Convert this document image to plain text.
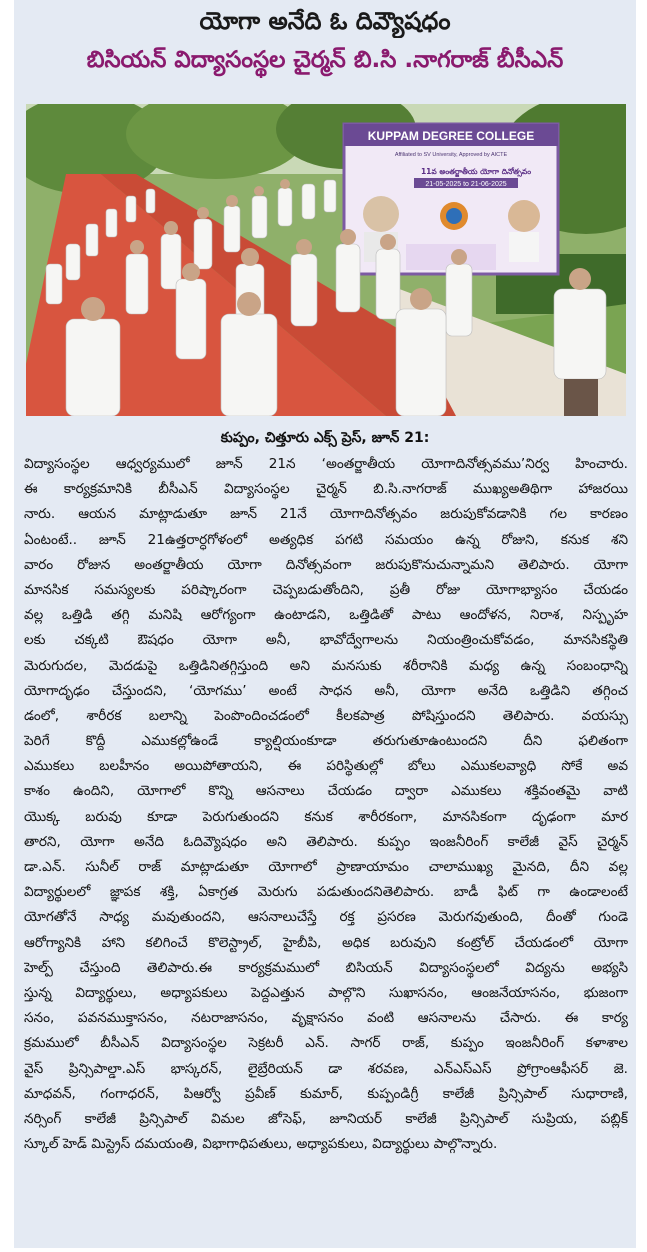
యోగా అనేది ఓ దివ్యౌషధం
బిసియన్ విద్యాసంస్థల చైర్మన్ బి.సి .నాగరాజ్ బీసీఎన్
KUPPAM DEGREE COLLEGE
Affiliated to SV University, Approved by AICTE
11వ అంతర్జాతీయ యోగా దినోత్సవం
21-05-2025 to 21-06-2025
కుప్పం, చిత్తూరు ఎక్స్ ప్రెస్, జూన్ 21:
విద్యాసంస్థల ఆధ్వర్యములో జూన్ 21న ‘అంతర్జాతీయ యోగాదినోత్సవము’నిర్వ హించారు.
ఈ కార్యక్రమానికి బీసీఎన్ విద్యాసంస్థల చైర్మన్ బి.సి.నాగరాజ్ ముఖ్యఅతిథిగా హాజరయి
నారు. ఆయన మాట్లాడుతూ జూన్ 21నే యోగాదినోత్సవం జరుపుకోవడానికి గల కారణం
ఏంటంటే.. జూన్ 21ఉత్తరార్ధగోళంలో అత్యధిక పగటి సమయం ఉన్న రోజుని, కనుక శని
వారం రోజున అంతర్జాతీయ యోగా దినోత్సవంగా జరుపుకొనుచున్నామని తెలిపారు. యోగా
మానసిక సమస్యలకు పరిష్కారంగా చెప్పబడుతోందిని, ప్రతీ రోజు యోగాభ్యాసం చేయడం
వల్ల ఒత్తిడి తగ్గి మనిషి ఆరోగ్యంగా ఉంటాడని, ఒత్తిడితో పాటు ఆందోళన, నిరాశ, నిస్పృహ
లకు చక్కటి ఔషధం యోగా అనీ, భావోద్వేగాలను నియంత్రించుకోవడం, మానసికస్థితి
మెరుగుదల, మెదడుపై ఒత్తిడినితగ్గిస్తుంది అని మనసుకు శరీరానికి మధ్య ఉన్న సంబంధాన్ని
యోగాదృఢం చేస్తుందని, ‘యోగము’ అంటే సాధన అనీ, యోగా అనేది ఒత్తిడిని తగ్గించ
డంలో, శారీరక బలాన్ని పెంపొందించడంలో కీలకపాత్ర పోషిస్తుందని తెలిపారు. వయస్సు
పెరిగే కొద్దీ ఎముకల్లోఉండే క్యాల్షియంకూడా తరుగుతూఉంటుందని దీని ఫలితంగా
ఎముకలు బలహీనం అయిపోతాయని, ఈ పరిస్థితుల్లో బోలు ఎముకలవ్యాధి సోకే అవ
కాశం ఉందిని, యోగాలో కొన్ని ఆసనాలు చేయడం ద్వారా ఎముకలు శక్తివంతమై వాటి
యొక్క బరువు కూడా పెరుగుతుందని కనుక శారీరకంగా, మానసికంగా దృఢంగా మార
తారని, యోగా అనేది ఓదివ్యౌషధం అని తెలిపారు. కుప్పం ఇంజనీరింగ్ కాలేజీ వైస్ చైర్మన్
డా.ఎన్. సునీల్ రాజ్ మాట్లాడుతూ యోగాలో ప్రాణాయామం చాలాముఖ్య మైనది, దీని వల్ల
విద్యార్థులలో జ్ఞాపక శక్తి, ఏకాగ్రత మెరుగు పడుతుందనితెలిపారు. బాడీ ఫిట్ గా ఉండాలంటే
యోగతోనే సాధ్య మవుతుందని, ఆసనాలుచేస్తే రక్త ప్రసరణ మెరుగవుతుంది, దీంతో గుండె
ఆరోగ్యానికి హాని కలిగించే కొలెస్ట్రాల్, హైబీపి, అధిక బరువుని కంట్రోల్ చేయడంలో యోగా
హెల్ప్ చేస్తుంది తెలిపారు.ఈ కార్యక్రమములో బిసియన్ విద్యాసంస్థలలో విద్యను అభ్యసి
స్తున్న విద్యార్థులు, అధ్యాపకులు పెద్దఎత్తున పాల్గొని సుఖాసనం, ఆంజనేయాసనం, భుజంగా
సనం, పవనముక్తాసనం, నటరాజాసనం, వృక్షాసనం వంటి ఆసనాలను చేసారు. ఈ కార్య
క్రమములో బీసీఎన్ విద్యాసంస్థల సెక్రటరీ ఎన్. సాగర్ రాజ్, కుప్పం ఇంజనీరింగ్ కళాశాల
వైస్ ప్రిన్సిపాల్డా.ఎస్ భాస్కరన్, లైబ్రేరియన్ డా శరవణ, ఎన్ఎస్ఎస్ ప్రోగ్రాంఆఫీసర్ జె.
మాధవన్, గంగాధరన్, పిఆర్వో ప్రవీణ్ కుమార్, కుప్పండిగ్రీ కాలేజీ ప్రిన్సిపాల్ సుధారాణి,
నర్సింగ్ కాలేజీ ప్రిన్సిపాల్ విమల జోసెఫ్, జూనియర్ కాలేజీ ప్రిన్సిపాల్ సుప్రియ, పబ్లిక్
స్కూల్ హెడ్ మిస్ట్రెస్ దమయంతి, విభాగాధిపతులు, అధ్యాపకులు, విద్యార్థులు పాల్గొన్నారు.
